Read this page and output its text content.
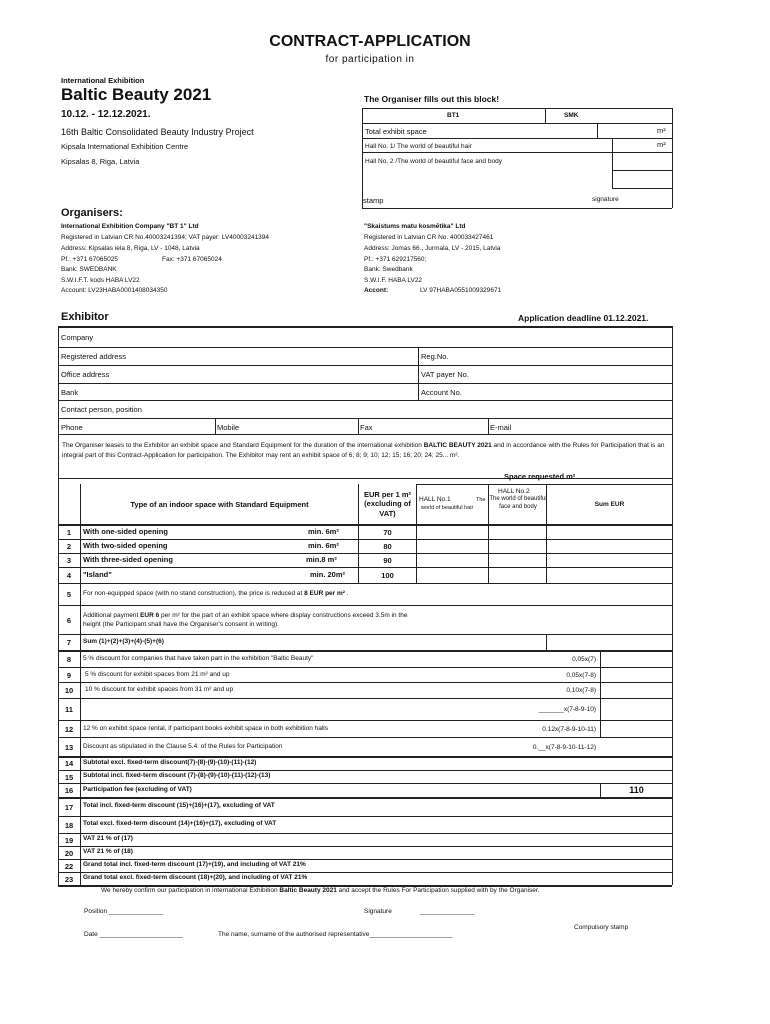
CONTRACT-APPLICATION
for participation in
International Exhibition
Baltic Beauty 2021
10.12. - 12.12.2021.
16th Baltic Consolidated Beauty Industry Project
Kipsala International Exhibition Centre
Kipsalas 8, Riga, Latvia
The Organiser fills out this block!
BT1	SMK
Total exhibit space	m²
Hall No. 1/ The world of beautiful hair	m²
Hall No. 2 /The world of beautiful face and body
stamp	signature
Organisers:
International Exhibition Company "BT 1" Ltd
Registered in Latvian CR No.40003241394; VAT payer: LV40003241394
Address: Kipsalas iela 8, Riga, LV - 1048, Latvia
Pf.: +371 67065025	Fax: +371 67065024
Bank: SWEDBANK
S.W.I.F.T. kods HABA LV22
Account: LV23HABA0001408034350
"Skaistums matu kosmētika" Ltd
Registered in Latvian CR No. 400033427461
Address: Jomas 66., Jurmala, LV - 2015, Latvia
Pf.: +371 629217560;
Bank: Swedbank
S.W.I.F. HABA LV22
Accont:	LV 97HABA0551009329671
Exhibitor	Application deadline 01.12.2021.
Company
Registered address	Reg.No.
Office address	VAT payer No.
Bank	Account No.
Contact person, position
Phone	Mobile	Fax	E-mail
The Organiser leases to the Exhibitor an exhibit space and Standard Equipment for the duration of the international exhibition BALTIC BEAUTY 2021 and in accordance with the Rules for Participation that is an integral part of this Contract-Application for participation. The Exhibitor may rent an exhibit space of 6; 8; 9; 10; 12; 15; 16; 20; 24; 25... m².
Space requested m²
Type of an indoor space with Standard Equipment
EUR per 1 m² (excluding of VAT)
HALL No.1	The
world of beautiful hair
HALL No.2
The world of beautiful face and body	Sum EUR
1	With one-sided opening	min. 6m²	70
2	With two-sided opening	min. 6m²	80
3	With three-sided opening	min.8 m²	90
4	"Island"	min. 20m²	100
5	For non-equipped space (with no stand construction), the price is reduced at 8 EUR per m² .
6	Additional payment EUR 6 per m² for the part of an exhibit space where display constructions exceed 3.5m in the height (the Participant shall have the Organiser's consent in writing).
7	Sum (1)+(2)+(3)+(4)-(5)+(6)
8	5 % discount for companies that have taken part in the exhibition "Baltic Beauty"	0,05x(7)
9	5 % discount for exhibit spaces from 21 m² and up	0,05x(7-8)
10	10 % discount for exhibit spaces from 31 m² and up	0,10x(7-8)
11	_______x(7-8-9-10)
12	12 % on exhibit space rental, if participant books exhibit space in both exhibition halls	0.12x(7-8-9-10-11)
13	Discount as stipulated in the Clause 5.4. of the Rules for Participation	0.__x(7-8-9-10-11-12)
14	Subtotal excl. fixed-term discount(7)-(8)-(9)-(10)-(11)-(12)
15	Subtotal incl. fixed-term discount (7)-(8)-(9)-(10)-(11)-(12)-(13)
16	Participation fee (excluding of VAT)	110
17	Total incl. fixed-term discount (15)+(16)+(17), excluding of VAT
18	Total excl. fixed-term discount (14)+(16)+(17), excluding of VAT
19	VAT 21 % of (17)
20	VAT 21 % of (18)
22	Grand total incl. fixed-term discount (17)+(19), and including of VAT 21%
23	Grand total excl. fixed-term discount (18)+(20), and including of VAT 21%
We hereby confirm our participation in international Exhibition Baltic Beauty 2021 and accept the Rules For Participation supplied with by the Organiser.
Position _______________	Signature	_______________
Compulsory stamp
Date _______________________	The name, surname of the authorised representative_______________________
